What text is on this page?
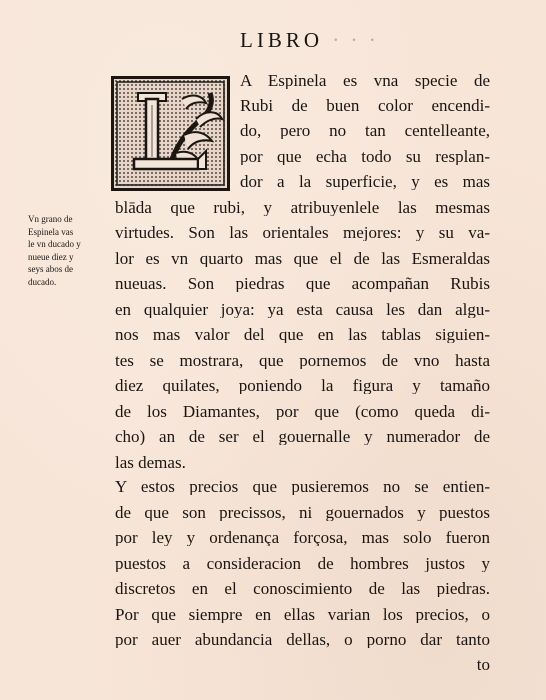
LIBRO · · ·
Vn grano de
Espinela vas
le vn ducado y
nueue diez y
seys abos de
ducado.
A Espinela es vna specie de
Rubi de buen color encendi-
do, pero no tan centelleante,
por que echa todo su resplan-
dor a la superficie, y es mas
blāda que rubi, y atribuyenlele las mesmas
virtudes. Son las orientales mejores: y su va-
lor es vn quarto mas que el de las Esmeraldas
nueuas. Son piedras que acompañan Rubis
en qualquier joya: ya esta causa les dan algu-
nos mas valor del que en las tablas siguien-
tes se mostrara, que pornemos de vno hasta
diez quilates, poniendo la figura y tamaño
de los Diamantes, por que (como queda di-
cho) an de ser el gouernalle y numerador de
las demas.
Y estos precios que pusieremos no se entien-
de que son precissos, ni gouernados y puestos
por ley y ordenança forçosa, mas solo fueron
puestos a consideracion de hombres justos y
discretos en el conoscimiento de las piedras.
Por que siempre en ellas varian los precios, o
por auer abundancia dellas, o porno dar tanto
to
